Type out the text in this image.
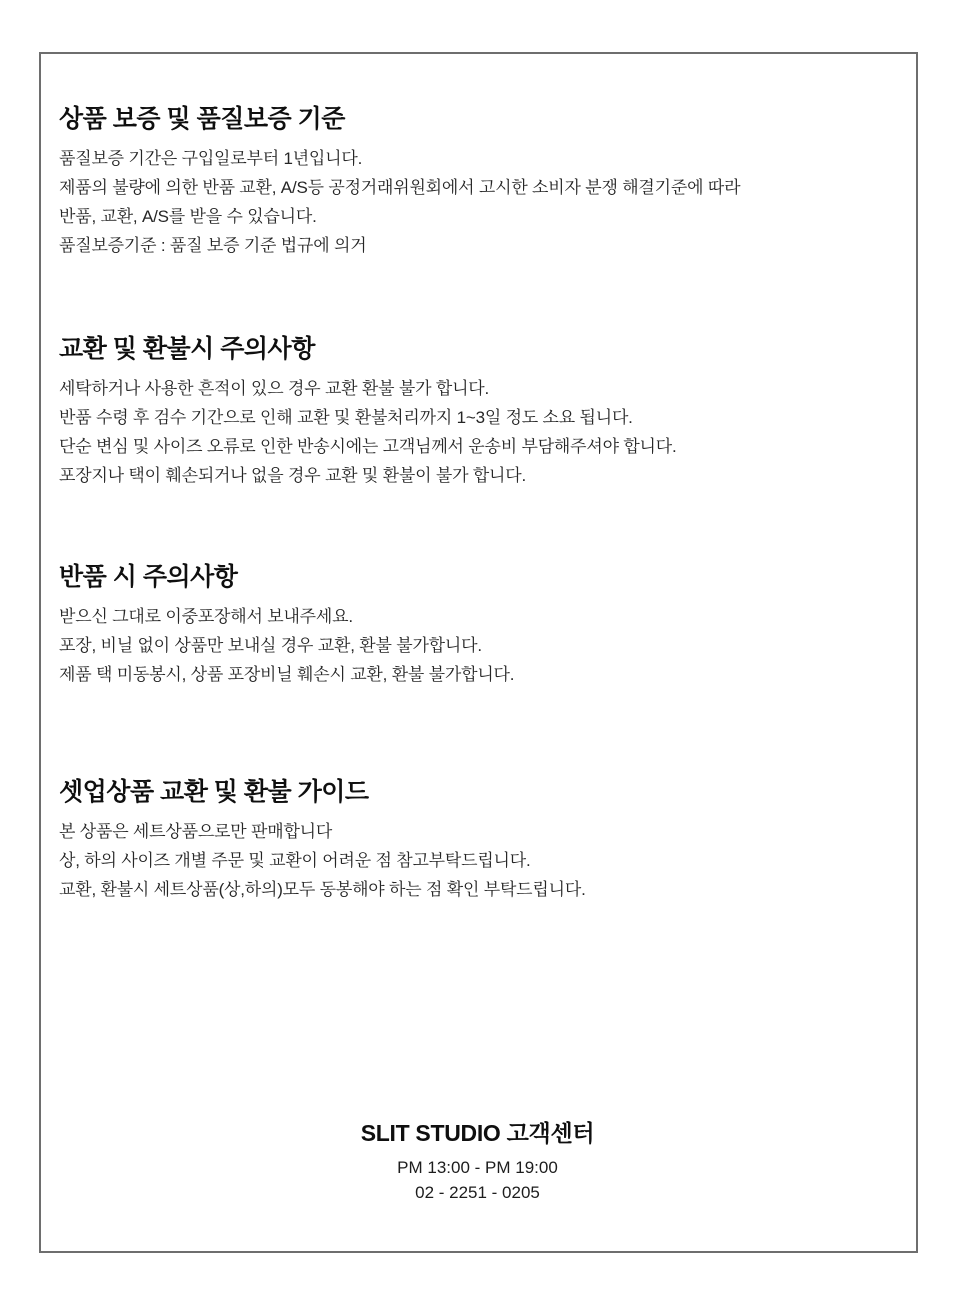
상품 보증 및 품질보증 기준

품질보증 기간은 구입일로부터 1년입니다.

제품의 불량에 의한 반품 교환, A/S등 공정거래위원회에서 고시한 소비자 분쟁 해결기준에 따라

반품, 교환, A/S를 받을 수 있습니다.

품질보증기준 : 품질 보증 기준 법규에 의거

교환 및 환불시 주의사항

세탁하거나 사용한 흔적이 있으 경우 교환 환불 불가 합니다.

반품 수령 후 검수 기간으로 인해 교환 및 환불처리까지 1~3일 정도 소요 됩니다.

단순 변심 및 사이즈 오류로 인한 반송시에는 고객님께서 운송비 부담해주셔야 합니다.

포장지나 택이 훼손되거나 없을 경우 교환 및 환불이 불가 합니다.

반품 시 주의사항

받으신 그대로 이중포장해서 보내주세요.

포장, 비닐 없이 상품만 보내실 경우 교환, 환불 불가합니다.

제품 택 미동봉시, 상품 포장비닐 훼손시 교환, 환불 불가합니다.

셋업상품 교환 및 환불 가이드

본 상품은 세트상품으로만 판매합니다

상, 하의 사이즈 개별 주문 및 교환이 어려운 점 참고부탁드립니다.

교환, 환불시 세트상품(상,하의)모두 동봉해야 하는 점 확인 부탁드립니다.

SLIT STUDIO 고객센터

PM 13:00 - PM 19:00

02 - 2251 - 0205
